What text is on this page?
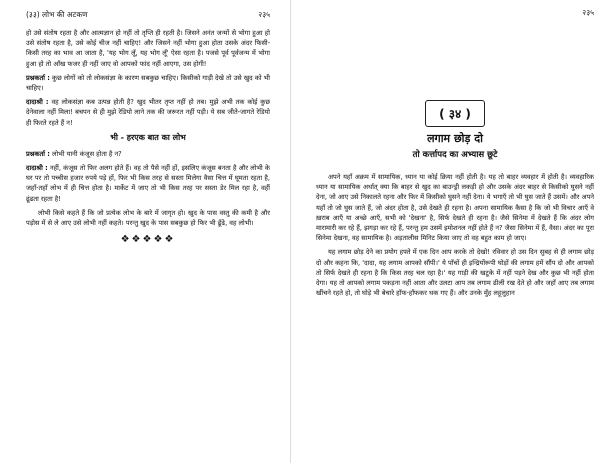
(३३) लोभ की अटकण	२३५

हो उसे संतोष रहता है और आत्मज्ञान हो नहीं तो तृप्ति ही रहती है। जिसने अनंत जन्मों से भोगा हुआ हो उसे संतोष रहता है, उसे कोई चीज नहीं चाहिए! और जिसने नहीं भोगा हुआ होता उसके अंदर फिसी-किसी तरह का भाव आ जाता है, 'यह भोग लूँ, यह भोग लूँ' ऐसा रहता है। पजसे पूर्व पूर्वजन्म में भोगा हुआ हो तो आँख फजर ही नहीं जाए वो आपको फांद नहीं आएगा, उस होगी!

प्रश्नकर्ता : कुछ लोगों को तो लोकसंज्ञा के कारण सबकुछ चाहिए। किसीको गाड़ी देखे तो उसे खुद को भी चाहिए।

दादाश्री : वह लोकसंज्ञा कब उत्पन्न होती है? खुद भीतर तृप्त नहीं हो तब। मुझे अभी तक कोई कुछ देनेवाला नहीं मिला! बचपन से ही मुझे रेडियो लाने तक की जरूरत नहीं पड़ी। ये सब जीते-जागते रेडियो ही फिरते रहते हैं न!

भी - हरएक बात का लोभ

प्रश्नकर्ता : लोभी यानी कंजूस होता है न?

दादाश्री : नहीं, कंजूस तो फिर अलग होते हैं। वह तो पैसे नहीं हों, इसलिए कंजूस बनता है और लोभी के घर पर तो पच्चीस हजार रुपये पड़े हों, फिर भी किस तरह से सस्ता मिलेगा वैसा चित्त में घूमता रहता है, जहाँ-तहाँ लोभ में ही चित्त होता है। मार्केट में जाए तो भी किस तरह पर सस्ता डेर मिल रहा है, वहीं ढूंढता रहता है!

लोभी किसे कहते हैं कि जो प्रत्येक लोभ के बारे में जागृत हो। खुद के पास वस्तु की कमी है और पड़ोस में से ले आए उसे लोभी नहीं कहते। परन्तु खुद के पास सबकुछ हो फिर भी ढूँढे, वह लोभी।

❖❖❖❖❖
२३५
( ३४ )
लगाम छोड़ दो
तो कर्त्तापद का अभ्यास छूटे

अपने यहाँ अक्रम में सामायिक, ध्यान या कोई क्रिया नहीं होती है। यह तो बाहर व्यवहार में होती है। व्यवहारिक ध्यान या सामायिक अर्थात् क्या कि बाहर से खुद का बाउन्ड्री लकड़ी हो और उसके अंदर बाहर से किसीको घुसने नहीं देना, जो आए उसे निकालते रहना और फिर में किसीको घुसने नहीं देना। ये भगाएँ तो भी घुस जाते हैं उसमें। और अपने यहाँ तो जो घुस जाते हैं, जो अंदर होता है, उसे देखते ही रहना है। अपना सामायिक कैसा है कि जो भी विचार आएँ वे ख़राब आएँ या अच्छे आएँ, सभी को 'देखना' है, सिर्फ देखते ही रहना है। जैसे सिनेमा में देखते हैं कि अंदर लोग मारामारी कर रहे हैं, झगड़ा कर रहे हैं, परन्तु हम उसमें इमोशनल नहीं होते हैं न? जैसा सिनेमा में हैं, वैसा। अंदर का पूरा सिनेमा देखना, वह सामायिक है। अड़तालीस मिनिट किया जाए तो वह बहुत काम हो जाए।

यह लगाम छोड़ देने का प्रयोग हफ्ते में एक दिन आप करके तो देखो! रविवार हो उस दिन सुबह से ही लगाम छोड़ दो और कहना कि, 'दादा, यह लगाम आपको सौंपी।' ये पाँचों ही इन्द्रियोंरूपी घोड़ों की लगाम हमें सौंप दो और आपको तो सिर्फ देखते ही रहना है कि किस तरह चल रहा है।' यह गाड़ी की खटूके में नहीं पड़ने देख और कुछ भी नहीं होता देगा। यह तो आपको लगाम पकड़ना नहीं आता और उलटा आप तब लगाम ढीली रख देते हो और जहाँ आए तब लगाम खींचने रहते हो, तो घोड़े भी बेचारे हाँफ-हाँफकर थक गए हैं। और उनके मुँह लहूलुहान
